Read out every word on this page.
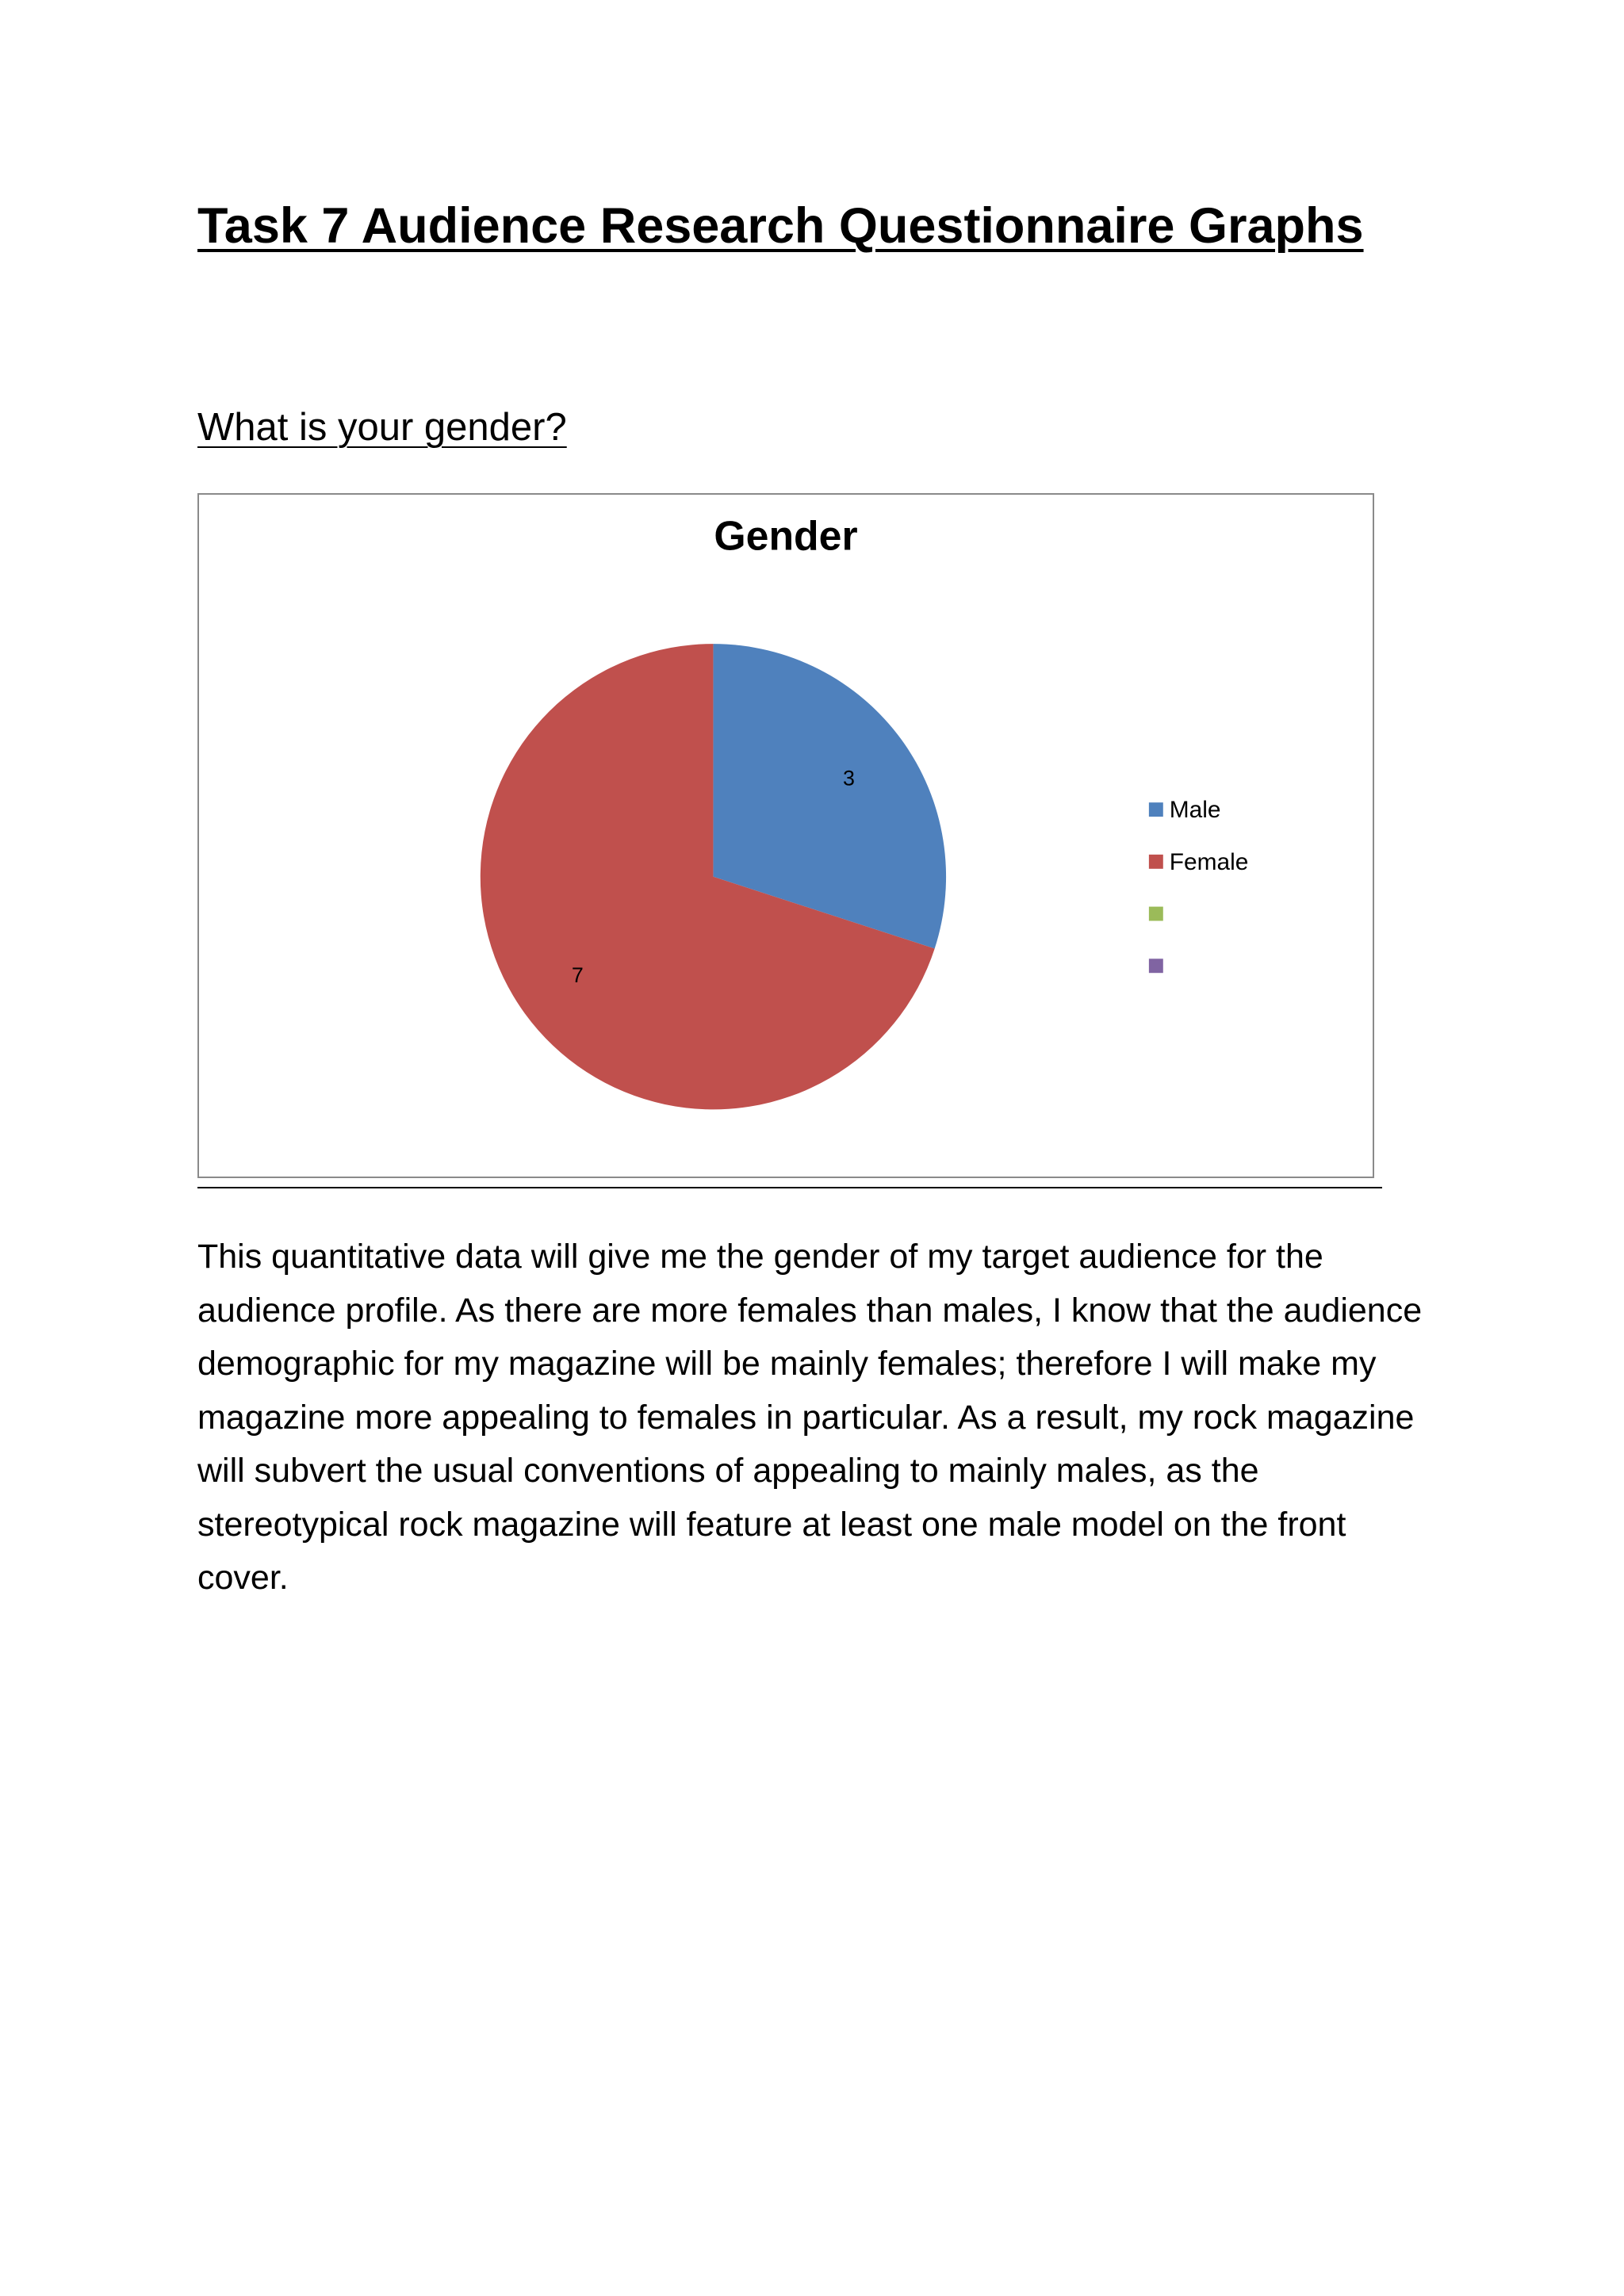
Task 7 Audience Research Questionnaire Graphs
What is your gender?
Gender
3
7
Male
Female

This quantitative data will give me the gender of my target audience for the audience profile. As there are more females than males, I know that the audience demographic for my magazine will be mainly females; therefore I will make my magazine more appealing to females in particular. As a result, my rock magazine will subvert the usual conventions of appealing to mainly males, as the stereotypical rock magazine will feature at least one male model on the front cover.
